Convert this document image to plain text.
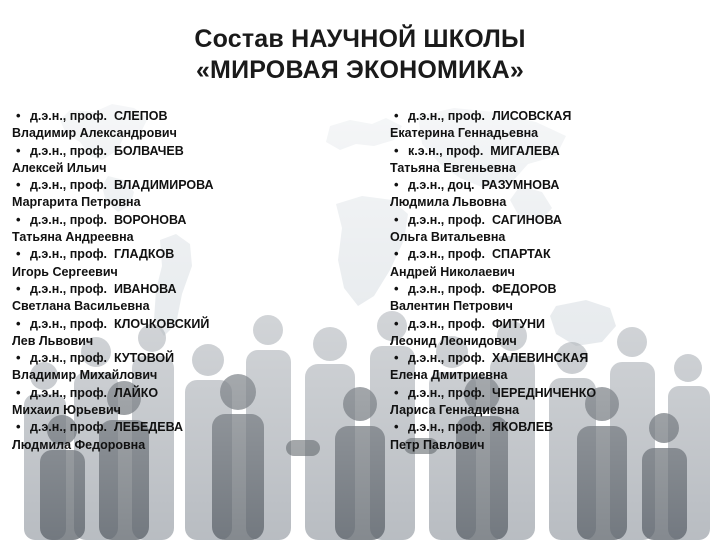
Состав НАУЧНОЙ ШКОЛЫ
«МИРОВАЯ ЭКОНОМИКА»
• д.э.н., проф. СЛЕПОВ
Владимир Александрович
• д.э.н., проф. БОЛВАЧЕВ
Алексей Ильич
• д.э.н., проф. ВЛАДИМИРОВА
Маргарита Петровна
• д.э.н., проф. ВОРОНОВА
Татьяна Андреевна
• д.э.н., проф. ГЛАДКОВ
Игорь Сергеевич
• д.э.н., проф. ИВАНОВА
Светлана Васильевна
• д.э.н., проф. КЛОЧКОВСКИЙ
Лев Львович
• д.э.н., проф. КУТОВОЙ
Владимир Михайлович
• д.э.н., проф. ЛАЙКО
Михаил Юрьевич
• д.э.н., проф. ЛЕБЕДЕВА
Людмила Федоровна
• д.э.н., проф. ЛИСОВСКАЯ
Екатерина Геннадьевна
• к.э.н., проф. МИГАЛЕВА
Татьяна Евгеньевна
• д.э.н., доц. РАЗУМНОВА
Людмила Львовна
• д.э.н., проф. САГИНОВА
Ольга Витальевна
• д.э.н., проф. СПАРТАК
Андрей Николаевич
• д.э.н., проф. ФЕДОРОВ
Валентин Петрович
• д.э.н., проф. ФИТУНИ
Леонид Леонидович
• д.э.н., проф. ХАЛЕВИНСКАЯ
Елена Дмитриевна
• д.э.н., проф. ЧЕРЕДНИЧЕНКО
Лариса Геннадиевна
• д.э.н., проф. ЯКОВЛЕВ
Петр Павлович
